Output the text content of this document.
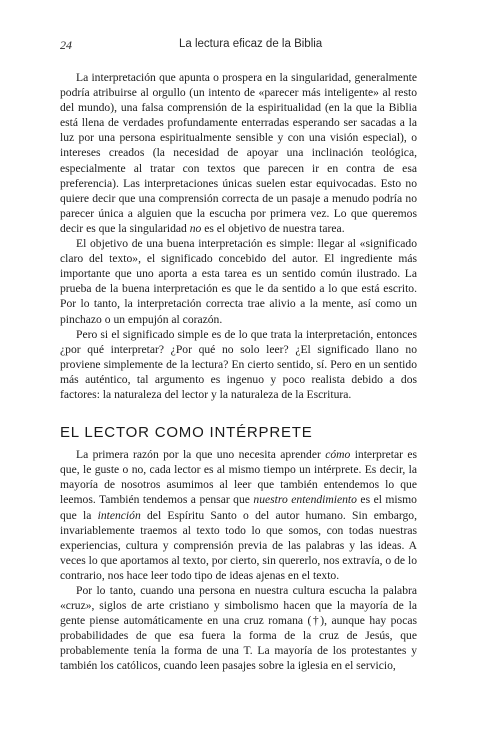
24	La lectura eficaz de la Biblia

La interpretación que apunta o prospera en la singularidad, generalmente podría atribuirse al orgullo (un intento de «parecer más inteligente» al resto del mundo), una falsa comprensión de la espiritualidad (en la que la Biblia está llena de verdades profundamente enterradas esperando ser sacadas a la luz por una persona espiritualmente sensible y con una visión especial), o intereses creados (la necesidad de apoyar una inclinación teológica, especialmente al tratar con textos que parecen ir en contra de esa preferencia). Las interpretaciones únicas suelen estar equivocadas. Esto no quiere decir que una comprensión correcta de un pasaje a menudo podría no parecer única a alguien que la escucha por primera vez. Lo que queremos decir es que la singularidad no es el objetivo de nuestra tarea.

El objetivo de una buena interpretación es simple: llegar al «significado claro del texto», el significado concebido del autor. El ingrediente más importante que uno aporta a esta tarea es un sentido común ilustrado. La prueba de la buena interpretación es que le da sentido a lo que está escrito. Por lo tanto, la interpretación correcta trae alivio a la mente, así como un pinchazo o un empujón al corazón.

Pero si el significado simple es de lo que trata la interpretación, entonces ¿por qué interpretar? ¿Por qué no solo leer? ¿El significado llano no proviene simplemente de la lectura? En cierto sentido, sí. Pero en un sentido más auténtico, tal argumento es ingenuo y poco realista debido a dos factores: la naturaleza del lector y la naturaleza de la Escritura.

EL LECTOR COMO INTÉRPRETE

La primera razón por la que uno necesita aprender cómo interpretar es que, le guste o no, cada lector es al mismo tiempo un intérprete. Es decir, la mayoría de nosotros asumimos al leer que también entendemos lo que leemos. También tendemos a pensar que nuestro entendimiento es el mismo que la intención del Espíritu Santo o del autor humano. Sin embargo, invariablemente traemos al texto todo lo que somos, con todas nuestras experiencias, cultura y comprensión previa de las palabras y las ideas. A veces lo que aportamos al texto, por cierto, sin quererlo, nos extravía, o de lo contrario, nos hace leer todo tipo de ideas ajenas en el texto.

Por lo tanto, cuando una persona en nuestra cultura escucha la palabra «cruz», siglos de arte cristiano y simbolismo hacen que la mayoría de la gente piense automáticamente en una cruz romana (†), aunque hay pocas probabilidades de que esa fuera la forma de la cruz de Jesús, que probablemente tenía la forma de una T. La mayoría de los protestantes y también los católicos, cuando leen pasajes sobre la iglesia en el servicio,
